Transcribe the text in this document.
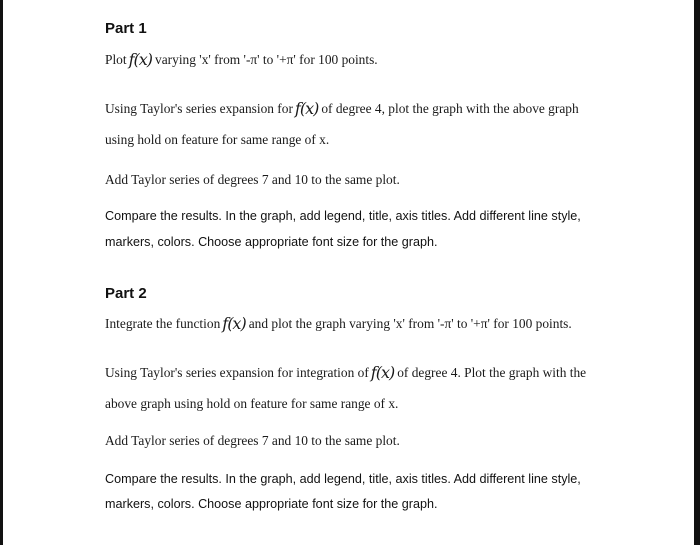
Part 1
Plot f(x) varying 'x' from '-π' to '+π' for 100 points.
Using Taylor's series expansion for f(x) of degree 4, plot the graph with the above graph
using hold on feature for same range of x.
Add Taylor series of degrees 7 and 10 to the same plot.
Compare the results. In the graph, add legend, title, axis titles. Add different line style,
markers, colors. Choose appropriate font size for the graph.
Part 2
Integrate the function f(x) and plot the graph varying 'x' from '-π' to '+π' for 100 points.
Using Taylor's series expansion for integration of f(x) of degree 4. Plot the graph with the
above graph using hold on feature for same range of x.
Add Taylor series of degrees 7 and 10 to the same plot.
Compare the results. In the graph, add legend, title, axis titles. Add different line style,
markers, colors. Choose appropriate font size for the graph.
